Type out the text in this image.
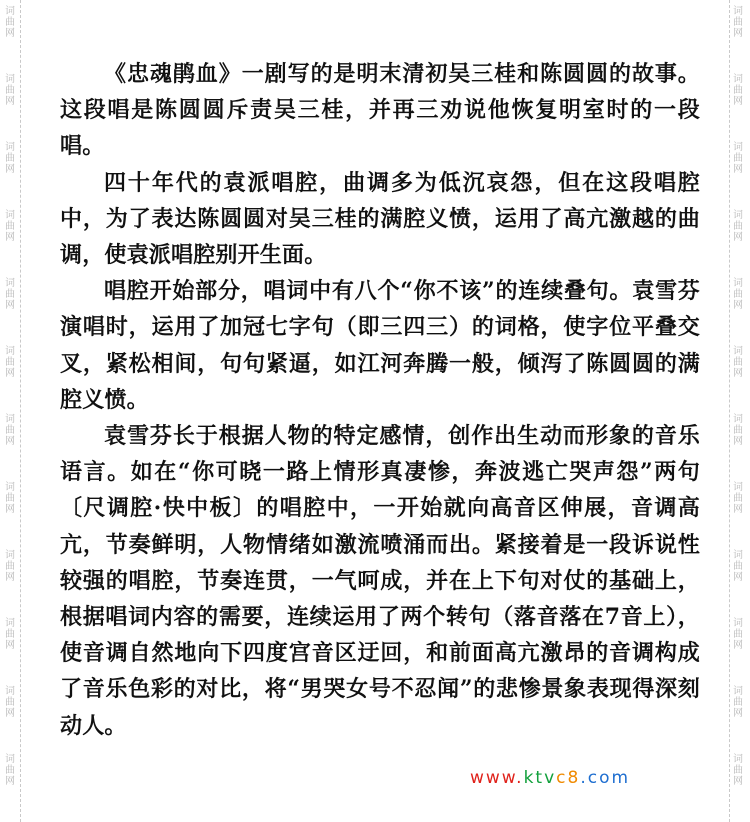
词
曲
网
词
曲
网
词
曲
网
词
曲
网
词
曲
网
词
曲
网
词
曲
网
词
曲
网
词
曲
网
词
曲
网
词
曲
网
词
曲
网
词
曲
网
词
曲
网
词
曲
网
词
曲
网
词
曲
网
词
曲
网
词
曲
网
词
曲
网
词
曲
网
词
曲
网
词
曲
网
词
曲
网

《忠魂鹃血》一剧写的是明末清初吴三桂和陈圆圆的故事。这段唱是陈圆圆斥责吴三桂，并再三劝说他恢复明室时的一段唱。

四十年代的袁派唱腔，曲调多为低沉哀怨，但在这段唱腔中，为了表达陈圆圆对吴三桂的满腔义愤，运用了高亢激越的曲调，使袁派唱腔别开生面。

唱腔开始部分，唱词中有八个“你不该”的连续叠句。袁雪芬演唱时，运用了加冠七字句（即三四三）的词格，使字位平叠交叉，紧松相间，句句紧逼，如江河奔腾一般，倾泻了陈圆圆的满腔义愤。

袁雪芬长于根据人物的特定感情，创作出生动而形象的音乐语言。如在“你可晓一路上情形真凄惨，奔波逃亡哭声怨”两句〔尺调腔·快中板〕的唱腔中，一开始就向高音区伸展，音调高亢，节奏鲜明，人物情绪如激流喷涌而出。紧接着是一段诉说性较强的唱腔，节奏连贯，一气呵成，并在上下句对仗的基础上，根据唱词内容的需要，连续运用了两个转句（落音落在7音上），使音调自然地向下四度宫音区迂回，和前面高亢激昂的音调构成了音乐色彩的对比，将“男哭女号不忍闻”的悲惨景象表现得深刻动人。

www.ktvc8.com
